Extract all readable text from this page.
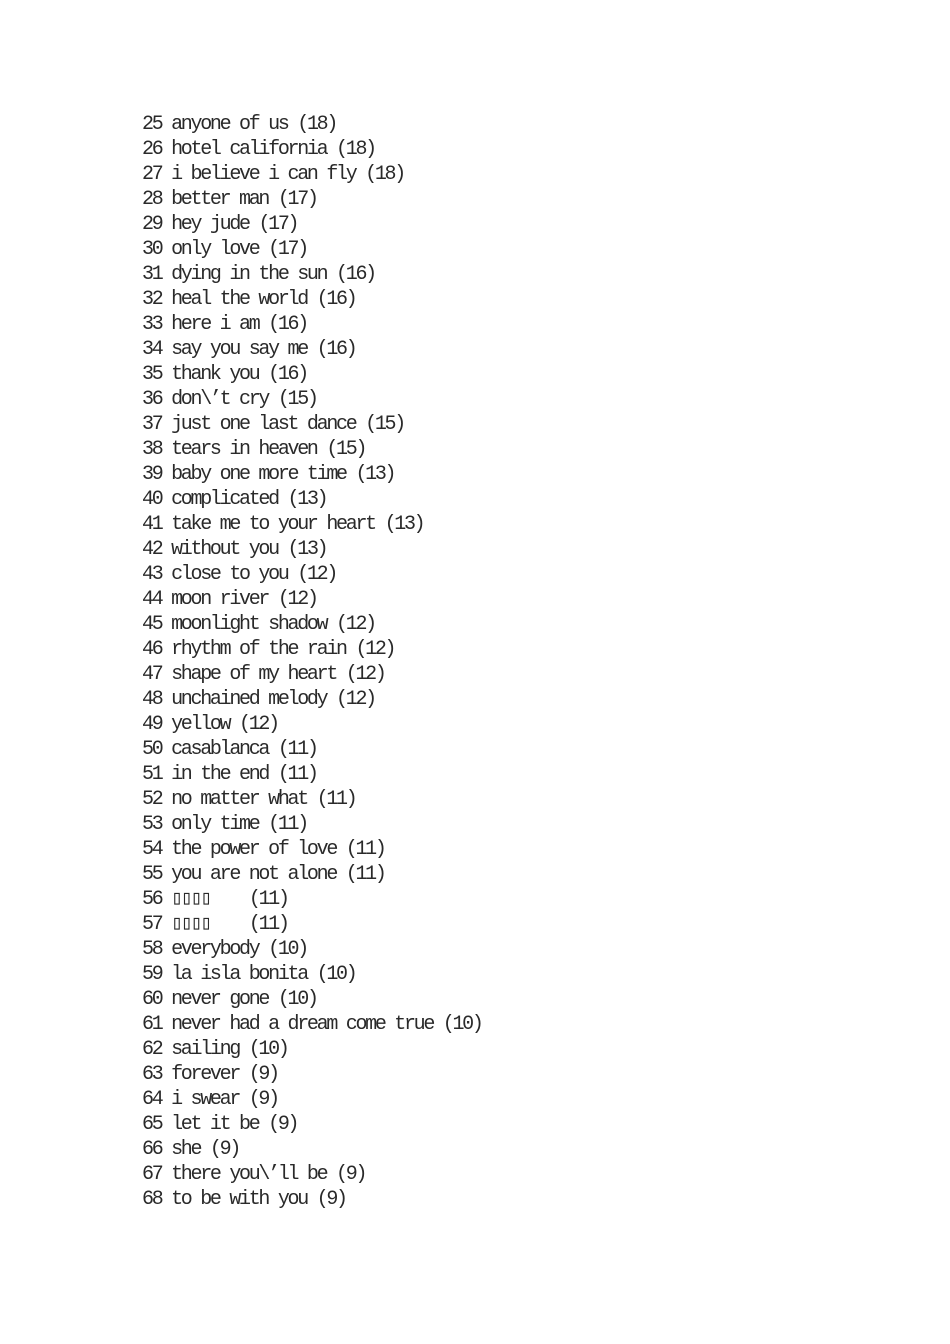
25 anyone of us (18)
26 hotel california (18)
27 i believe i can fly (18)
28 better man (17)
29 hey jude (17)
30 only love (17)
31 dying in the sun (16)
32 heal the world (16)
33 here i am (16)
34 say you say me (16)
35 thank you (16)
36 don\’t cry (15)
37 just one last dance (15)
38 tears in heaven (15)
39 baby one more time (13)
40 complicated (13)
41 take me to your heart (13)
42 without you (13)
43 close to you (12)
44 moon river (12)
45 moonlight shadow (12)
46 rhythm of the rain (12)
47 shape of my heart (12)
48 unchained melody (12)
49 yellow (12)
50 casablanca (11)
51 in the end (11)
52 no matter what (11)
53 only time (11)
54 the power of love (11)
55 you are not alone (11)
56 ▯▯▯▯    (11)
57 ▯▯▯▯    (11)
58 everybody (10)
59 la isla bonita (10)
60 never gone (10)
61 never had a dream come true (10)
62 sailing (10)
63 forever (9)
64 i swear (9)
65 let it be (9)
66 she (9)
67 there you\’ll be (9)
68 to be with you (9)
